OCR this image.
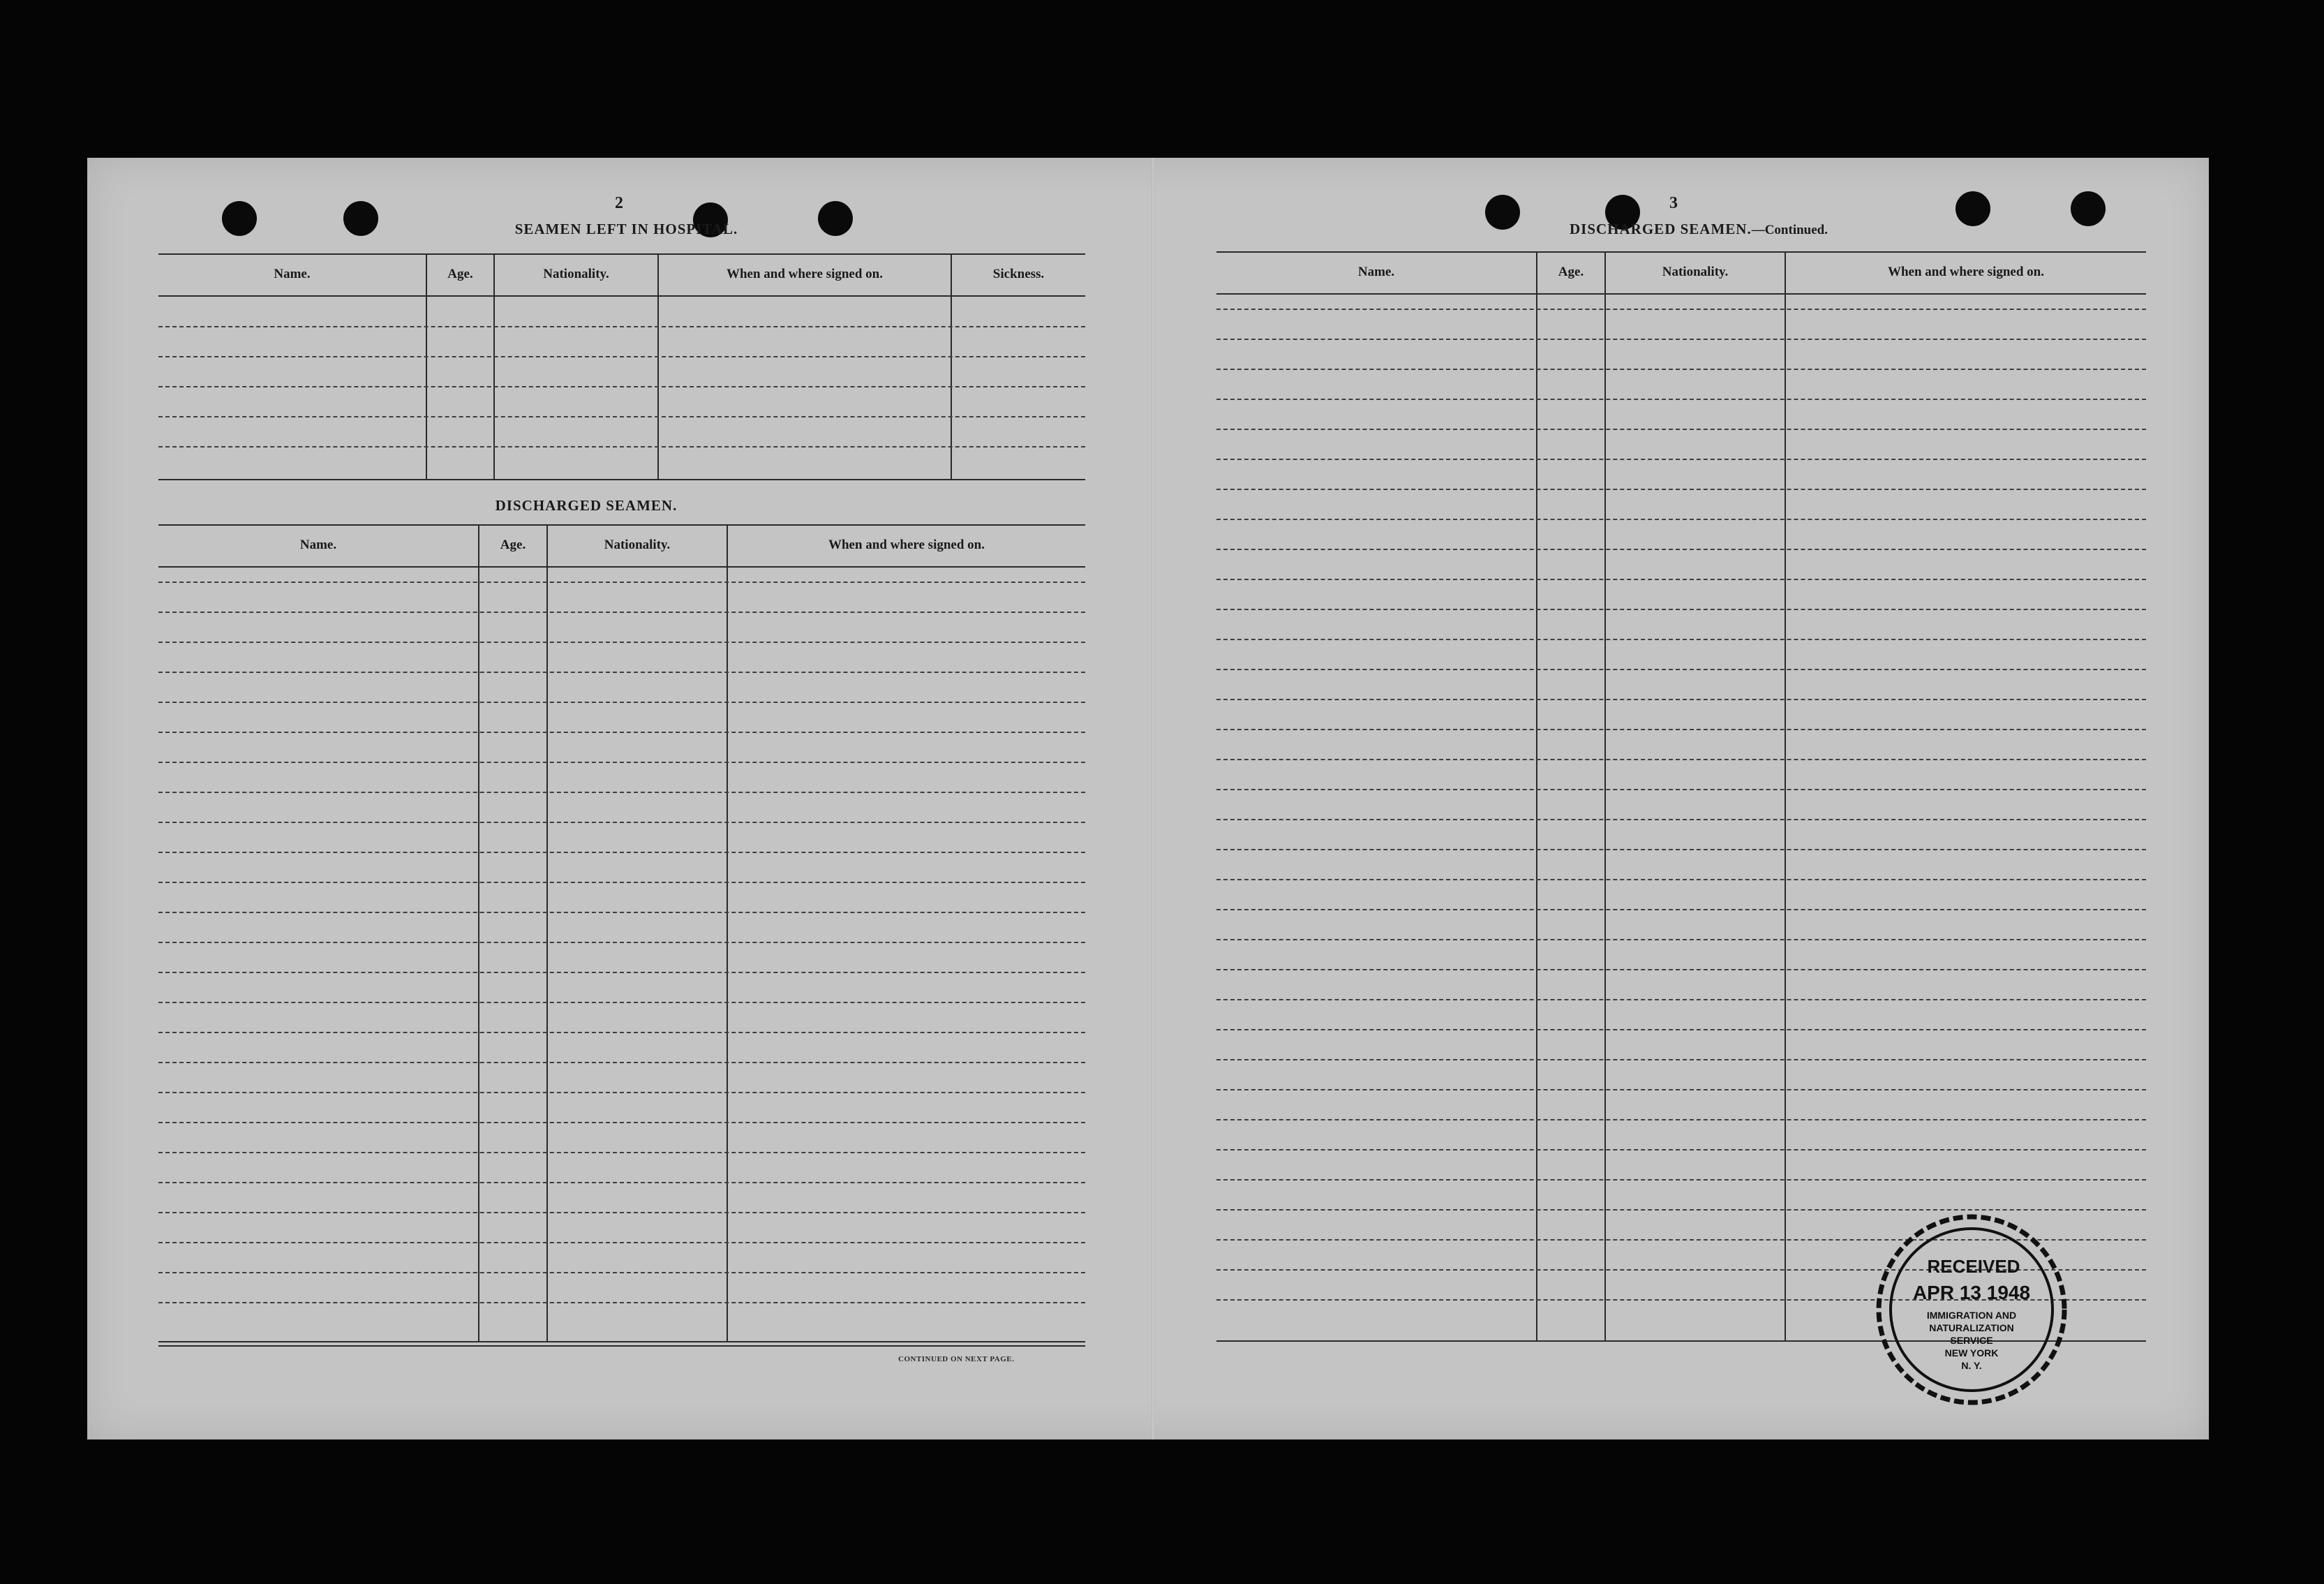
2
SEAMEN LEFT IN HOSPITAL.
Name.	Age.	Nationality.	When and where signed on.	Sickness.
DISCHARGED SEAMEN.
Name.	Age.	Nationality.	When and where signed on.
CONTINUED ON NEXT PAGE.
3
DISCHARGED SEAMEN.—Continued.
Name.	Age.	Nationality.	When and where signed on.
RECEIVED
APR 13 1948
IMMIGRATION AND
NATURALIZATION
SERVICE
NEW YORK
N. Y.
